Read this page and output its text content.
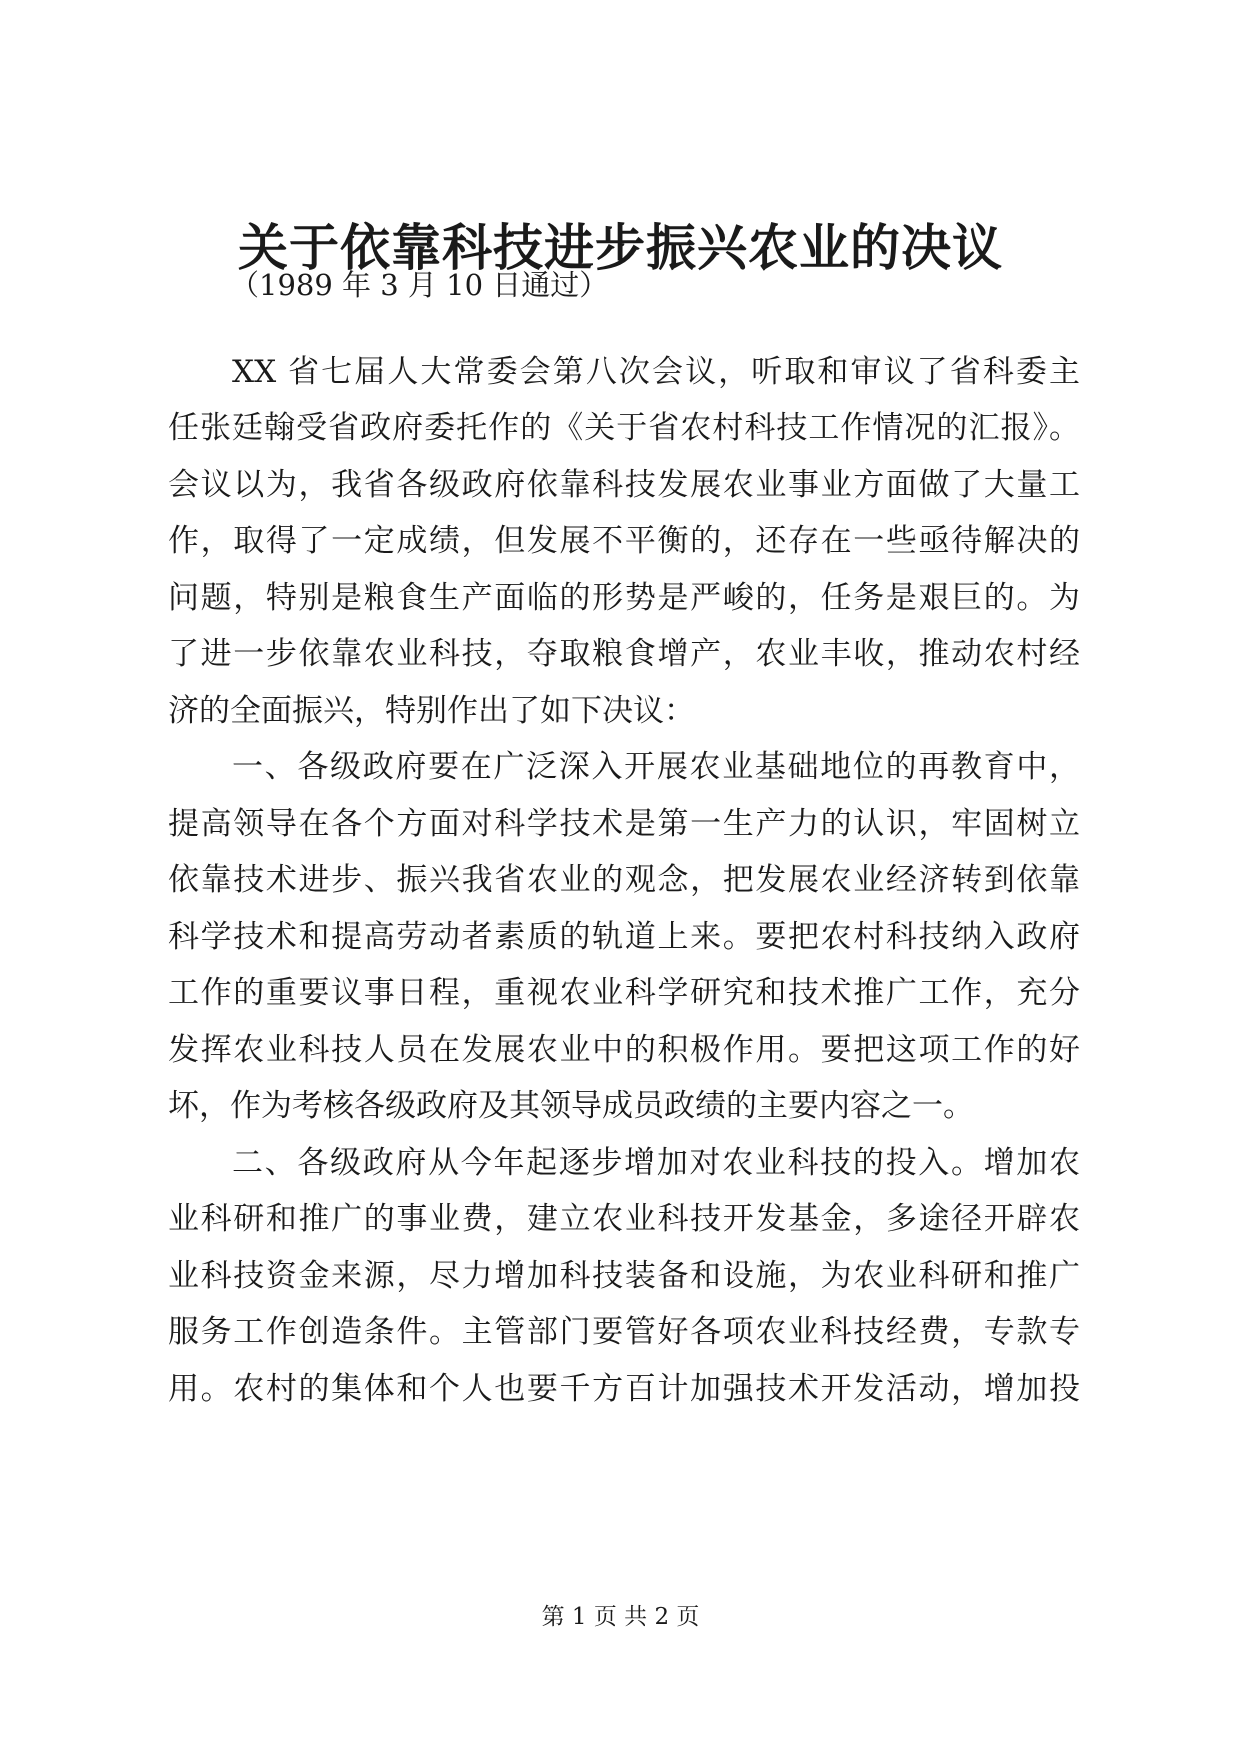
关于依靠科技进步振兴农业的决议
（1989 年 3 月 10 日通过）
XX 省七届人大常委会第八次会议，听取和审议了省科委主
任张廷翰受省政府委托作的《关于省农村科技工作情况的汇报》。
会议以为，我省各级政府依靠科技发展农业事业方面做了大量工
作，取得了一定成绩，但发展不平衡的，还存在一些亟待解决的
问题，特别是粮食生产面临的形势是严峻的，任务是艰巨的。为
了进一步依靠农业科技，夺取粮食增产，农业丰收，推动农村经
济的全面振兴，特别作出了如下决议：
一、各级政府要在广泛深入开展农业基础地位的再教育中，
提高领导在各个方面对科学技术是第一生产力的认识，牢固树立
依靠技术进步、振兴我省农业的观念，把发展农业经济转到依靠
科学技术和提高劳动者素质的轨道上来。要把农村科技纳入政府
工作的重要议事日程，重视农业科学研究和技术推广工作，充分
发挥农业科技人员在发展农业中的积极作用。要把这项工作的好
坏，作为考核各级政府及其领导成员政绩的主要内容之一。
二、各级政府从今年起逐步增加对农业科技的投入。增加农
业科研和推广的事业费，建立农业科技开发基金，多途径开辟农
业科技资金来源，尽力增加科技装备和设施，为农业科研和推广
服务工作创造条件。主管部门要管好各项农业科技经费，专款专
用。农村的集体和个人也要千方百计加强技术开发活动，增加投
第 1 页 共 2 页
